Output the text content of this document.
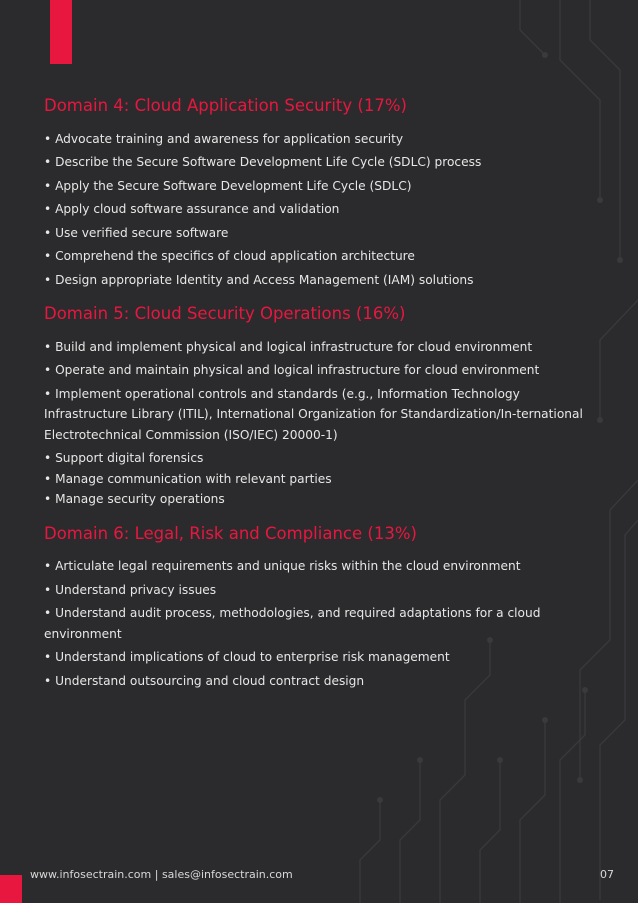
Domain 4: Cloud Application Security (17%)
• Advocate training and awareness for application security
• Describe the Secure Software Development Life Cycle (SDLC) process
• Apply the Secure Software Development Life Cycle (SDLC)
• Apply cloud software assurance and validation
• Use verified secure software
• Comprehend the specifics of cloud application architecture
• Design appropriate Identity and Access Management (IAM) solutions
Domain 5: Cloud Security Operations (16%)
• Build and implement physical and logical infrastructure for cloud environment
• Operate and maintain physical and logical infrastructure for cloud environment
• Implement operational controls and standards (e.g., Information Technology Infrastructure Library (ITIL), International Organization for Standardization/In-ternational Electrotechnical Commission (ISO/IEC) 20000-1)
• Support digital forensics
• Manage communication with relevant parties
• Manage security operations
Domain 6: Legal, Risk and Compliance (13%)
• Articulate legal requirements and unique risks within the cloud environment
• Understand privacy issues
• Understand audit process, methodologies, and required adaptations for a cloud environment
• Understand implications of cloud to enterprise risk management
• Understand outsourcing and cloud contract design
www.infosectrain.com | sales@infosectrain.com	07
